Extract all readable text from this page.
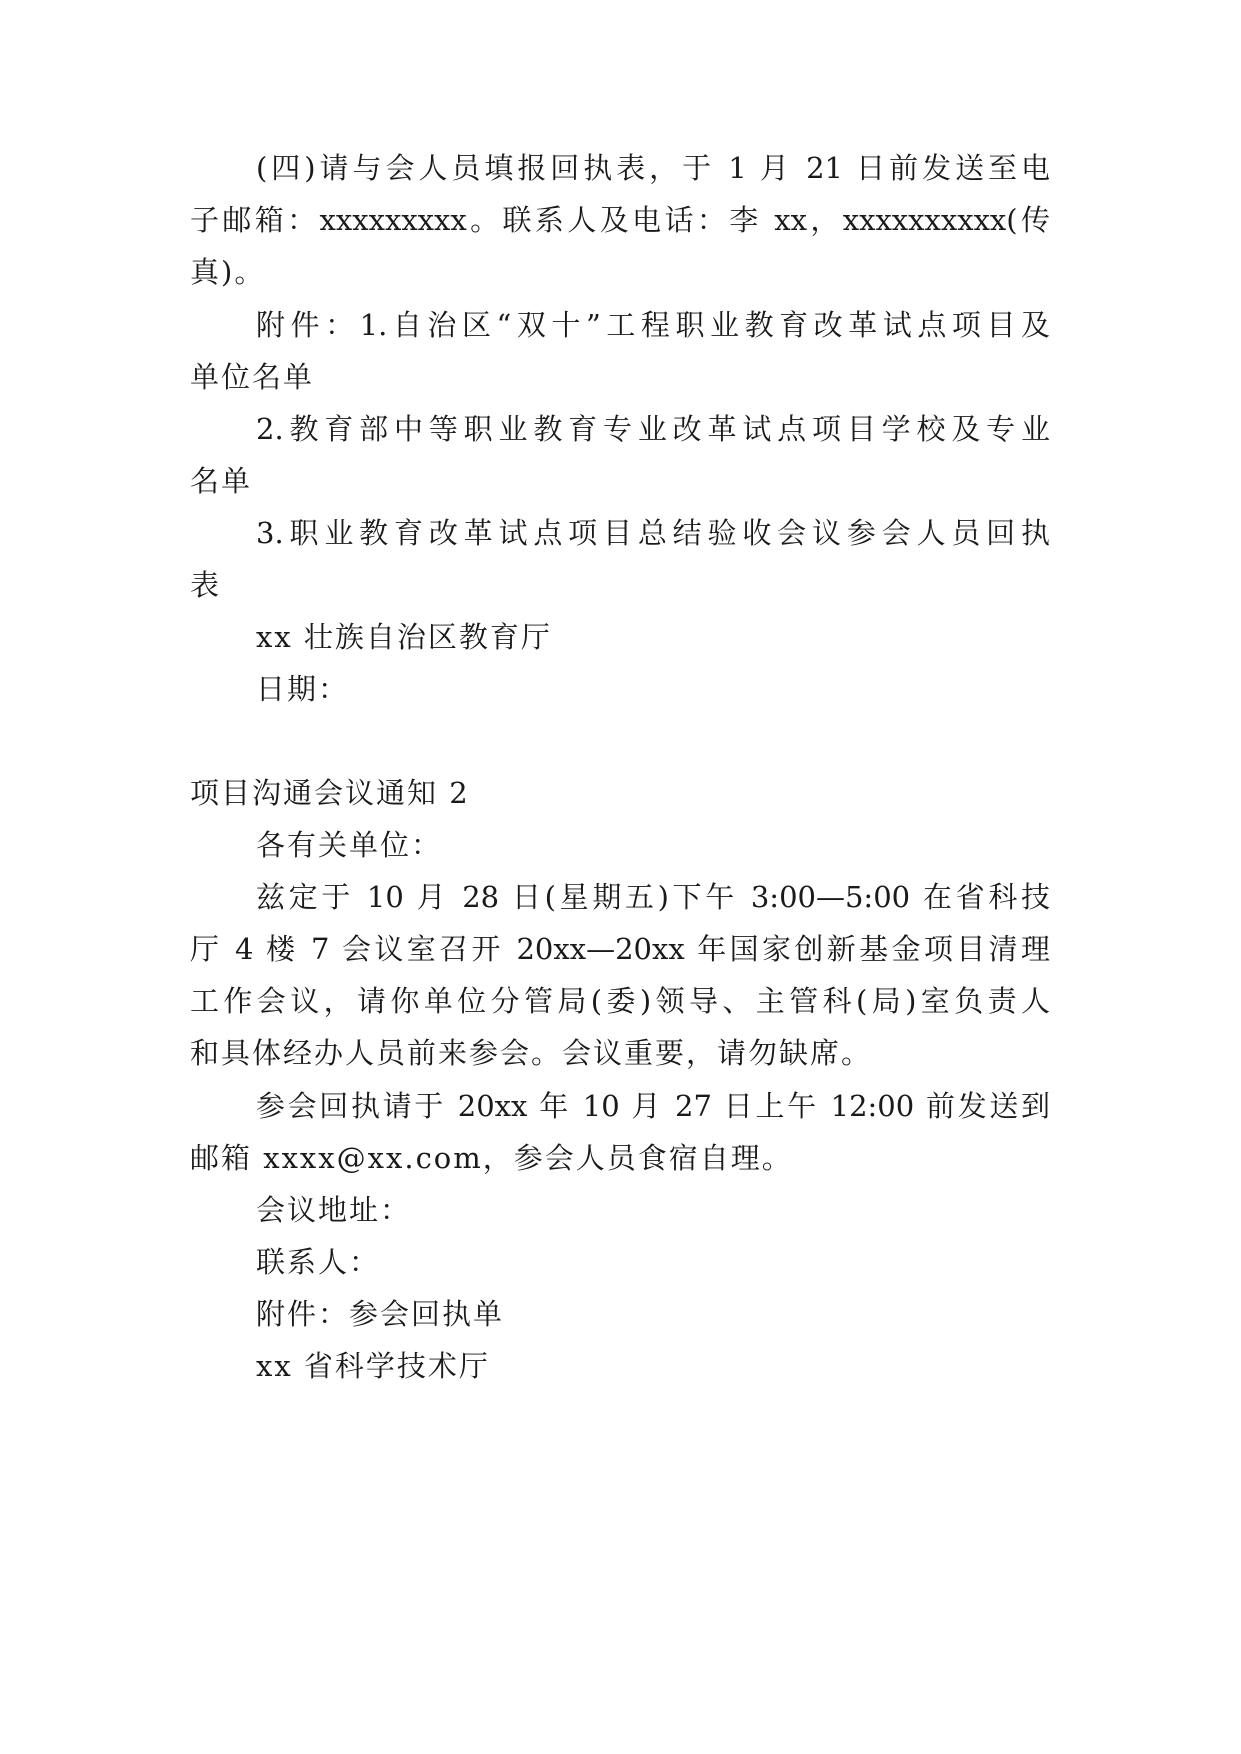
(四)请与会人员填报回执表，于 1 月 21 日前发送至电
子邮箱：xxxxxxxxx。联系人及电话：李 xx，xxxxxxxxxx(传
真)。
附件：1.自治区“双十”工程职业教育改革试点项目及
单位名单
2.教育部中等职业教育专业改革试点项目学校及专业
名单
3.职业教育改革试点项目总结验收会议参会人员回执
表
xx 壮族自治区教育厅
日期：
项目沟通会议通知 2
各有关单位：
兹定于 10 月 28 日(星期五)下午 3:00—5:00 在省科技
厅 4 楼 7 会议室召开 20xx—20xx 年国家创新基金项目清理
工作会议，请你单位分管局(委)领导、主管科(局)室负责人
和具体经办人员前来参会。会议重要，请勿缺席。
参会回执请于 20xx 年 10 月 27 日上午 12:00 前发送到
邮箱 xxxx@xx.com，参会人员食宿自理。
会议地址：
联系人：
附件：参会回执单
xx 省科学技术厅
